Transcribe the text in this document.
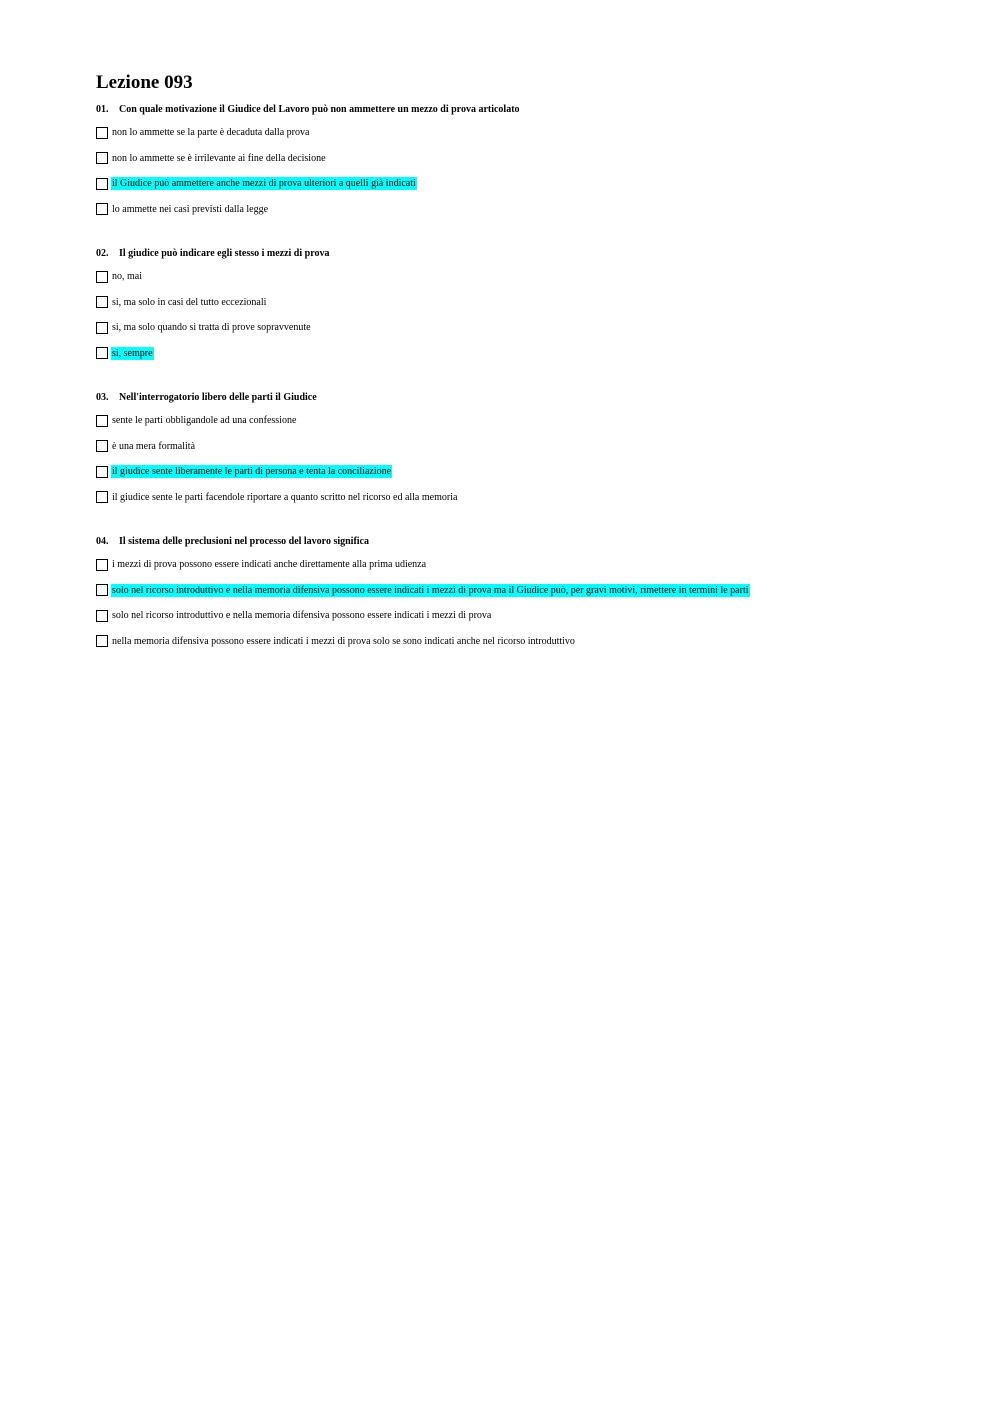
Lezione 093
01. Con quale motivazione il Giudice del Lavoro può non ammettere un mezzo di prova articolato
non lo ammette se la parte è decaduta dalla prova
non lo ammette se è irrilevante ai fine della decisione
il Giudice può ammettere anche mezzi di prova ulteriori a quelli già indicati
lo ammette nei casi previsti dalla legge
02. Il giudice può indicare egli stesso i mezzi di prova
no, mai
si, ma solo in casi del tutto eccezionali
si, ma solo quando si tratta di prove sopravvenute
si, sempre
03. Nell'interrogatorio libero delle parti il Giudice
sente le parti obbligandole ad una confessione
è una mera formalità
il giudice sente liberamente le parti di persona e tenta la conciliazione
il giudice sente le parti facendole riportare a quanto scritto nel ricorso ed alla memoria
04. Il sistema delle preclusioni nel processo del lavoro significa
i mezzi di prova possono essere indicati anche direttamente alla prima udienza
solo nel ricorso introduttivo e nella memoria difensiva possono essere indicati i mezzi di prova ma il Giudice può, per gravi motivi, rimettere in termini le parti
solo nel ricorso introduttivo e nella memoria difensiva possono essere indicati i mezzi di prova
nella memoria difensiva possono essere indicati i mezzi di prova solo se sono indicati anche nel ricorso introduttivo
